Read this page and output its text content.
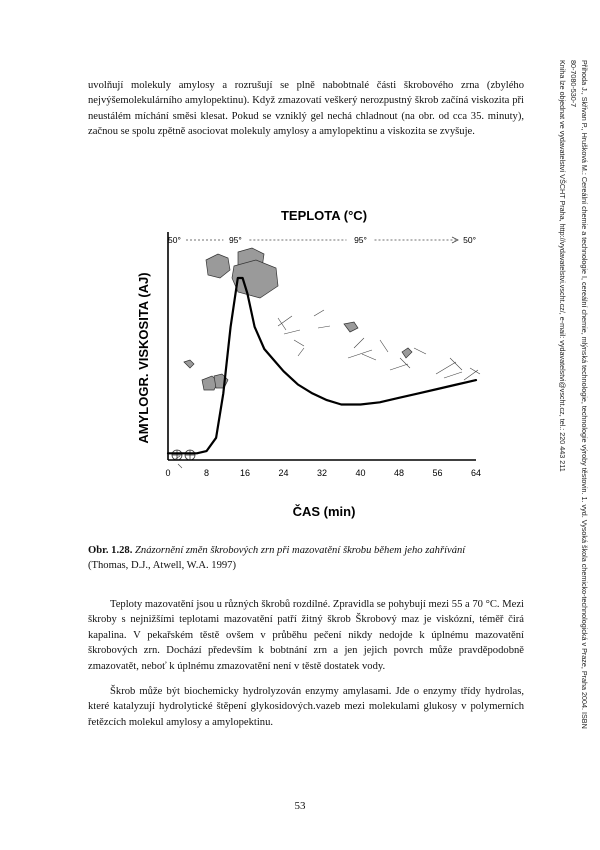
Příhoda J., Skřivan P., Hrušková M.: Cereální chemie a technologie I, cereální chemie, mlýnská technologie, technologie výroby těstovin. 1. vyd. Vysoká škola chemicko-technologická v Praze, Praha 2004. ISBN
80-7080-530-7
Kniha lze objednat ve vydavatelství VŠCHT Praha, http://vydavatelstvi.vscht.cz/, e-mail: vydavatelstvi@vscht.cz, tel.: 220 443 211

uvolňují molekuly amylosy a rozrušují se plně nabobtnalé části škrobového zrna (zbylého nejvýšemolekulárního amylopektinu). Když zmazovatí veškerý nerozpustný škrob začíná viskozita při neustálém míchání směsi klesat. Pokud se vzniklý gel nechá chladnout (na obr. od cca 35. minuty), začnou se spolu zpětně asociovat molekuly amylosy a amylopektinu a viskozita se zvyšuje.

50°	95°	95°	50°
0	8	16	24	32	40	48	56	64
TEPLOTA (°C)
ČAS (min)
AMYLOGR. VISKOSITA (AJ)

Obr. 1.28. Znázornění změn škrobových zrn při mazovatění škrobu během jeho zahřívání
(Thomas, D.J., Atwell, W.A. 1997)

Teploty mazovatění jsou u různých škrobů rozdílné. Zpravidla se pohybují mezi 55 a 70 °C. Mezi škroby s nejnižšími teplotami mazovatění patří žitný škrob Škrobový maz je viskózní, téměř čirá kapalina. V pekařském těstě ovšem v průběhu pečení nikdy nedojde k úplnému mazovatění škrobových zrn. Dochází především k bobtnání zrn a jen jejich povrch může pravděpodobně zmazovatět, neboť k úplnému zmazovatění není v těstě dostatek vody.

Škrob může být biochemicky hydrolyzován enzymy amylasami. Jde o enzymy třídy hydrolas, které katalyzují hydrolytické štěpení glykosidových.vazeb mezi molekulami glukosy v polymerních řetězcích molekul amylosy a amylopektinu.

53
